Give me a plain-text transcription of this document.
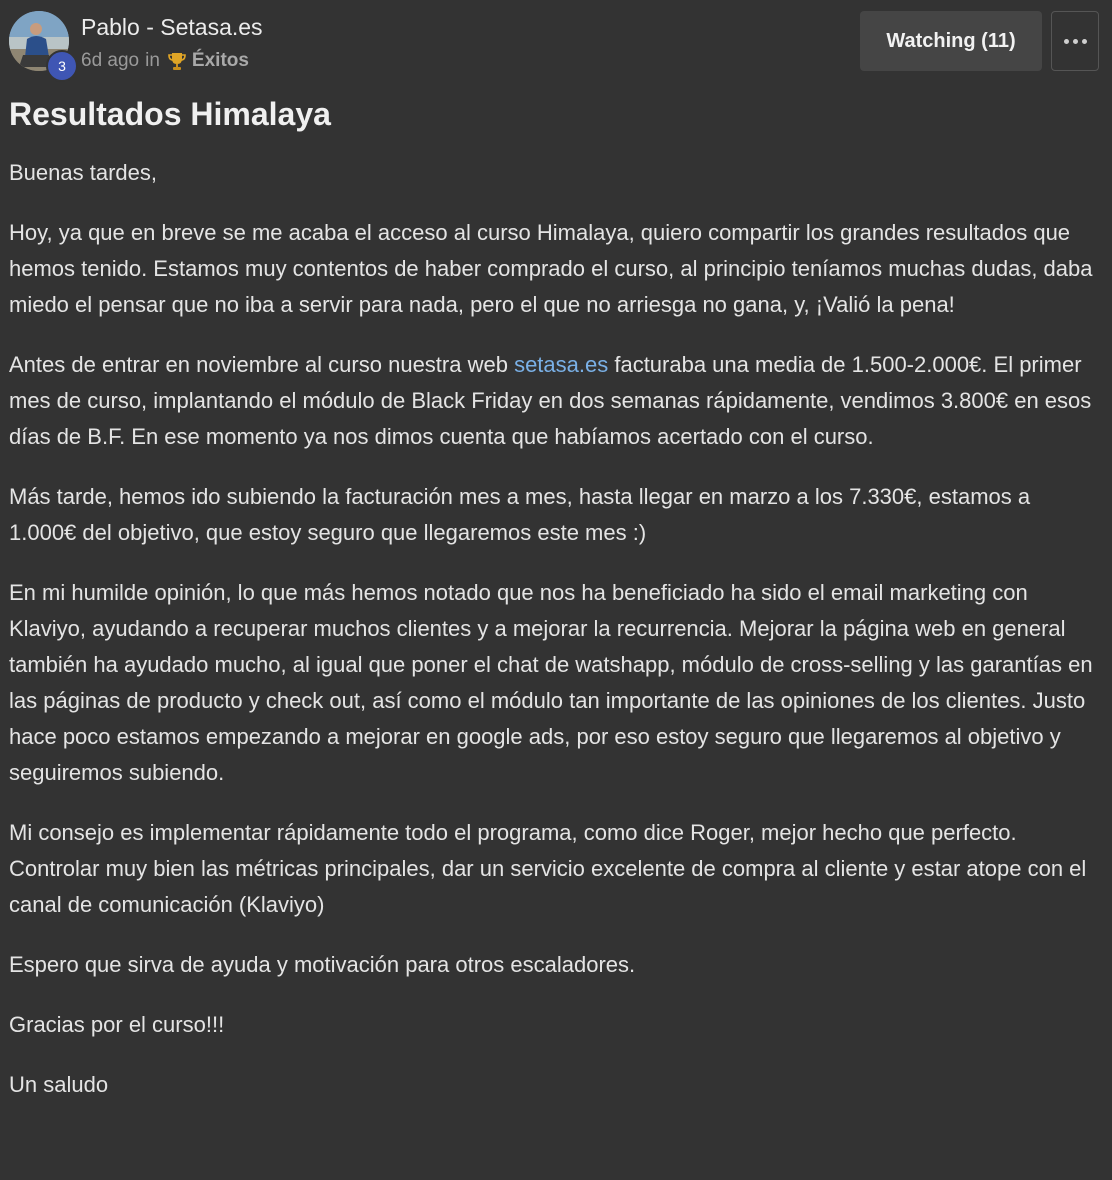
3
Pablo - Setasa.es
6d ago in Éxitos
Watching (11)
Resultados Himalaya

Buenas tardes,

Hoy, ya que en breve se me acaba el acceso al curso Himalaya, quiero compartir los grandes resultados que hemos tenido. Estamos muy contentos de haber comprado el curso, al principio teníamos muchas dudas, daba miedo el pensar que no iba a servir para nada, pero el que no arriesga no gana, y, ¡Valió la pena!

Antes de entrar en noviembre al curso nuestra web setasa.es facturaba una media de 1.500-2.000€. El primer mes de curso, implantando el módulo de Black Friday en dos semanas rápidamente, vendimos 3.800€ en esos días de B.F. En ese momento ya nos dimos cuenta que habíamos acertado con el curso.

Más tarde, hemos ido subiendo la facturación mes a mes, hasta llegar en marzo a los 7.330€, estamos a 1.000€ del objetivo, que estoy seguro que llegaremos este mes :)

En mi humilde opinión, lo que más hemos notado que nos ha beneficiado ha sido el email marketing con Klaviyo, ayudando a recuperar muchos clientes y a mejorar la recurrencia. Mejorar la página web en general también ha ayudado mucho, al igual que poner el chat de watshapp, módulo de cross-selling y las garantías en las páginas de producto y check out, así como el módulo tan importante de las opiniones de los clientes. Justo hace poco estamos empezando a mejorar en google ads, por eso estoy seguro que llegaremos al objetivo y seguiremos subiendo.

Mi consejo es implementar rápidamente todo el programa, como dice Roger, mejor hecho que perfecto. Controlar muy bien las métricas principales, dar un servicio excelente de compra al cliente y estar atope con el canal de comunicación (Klaviyo)

Espero que sirva de ayuda y motivación para otros escaladores.

Gracias por el curso!!!

Un saludo
